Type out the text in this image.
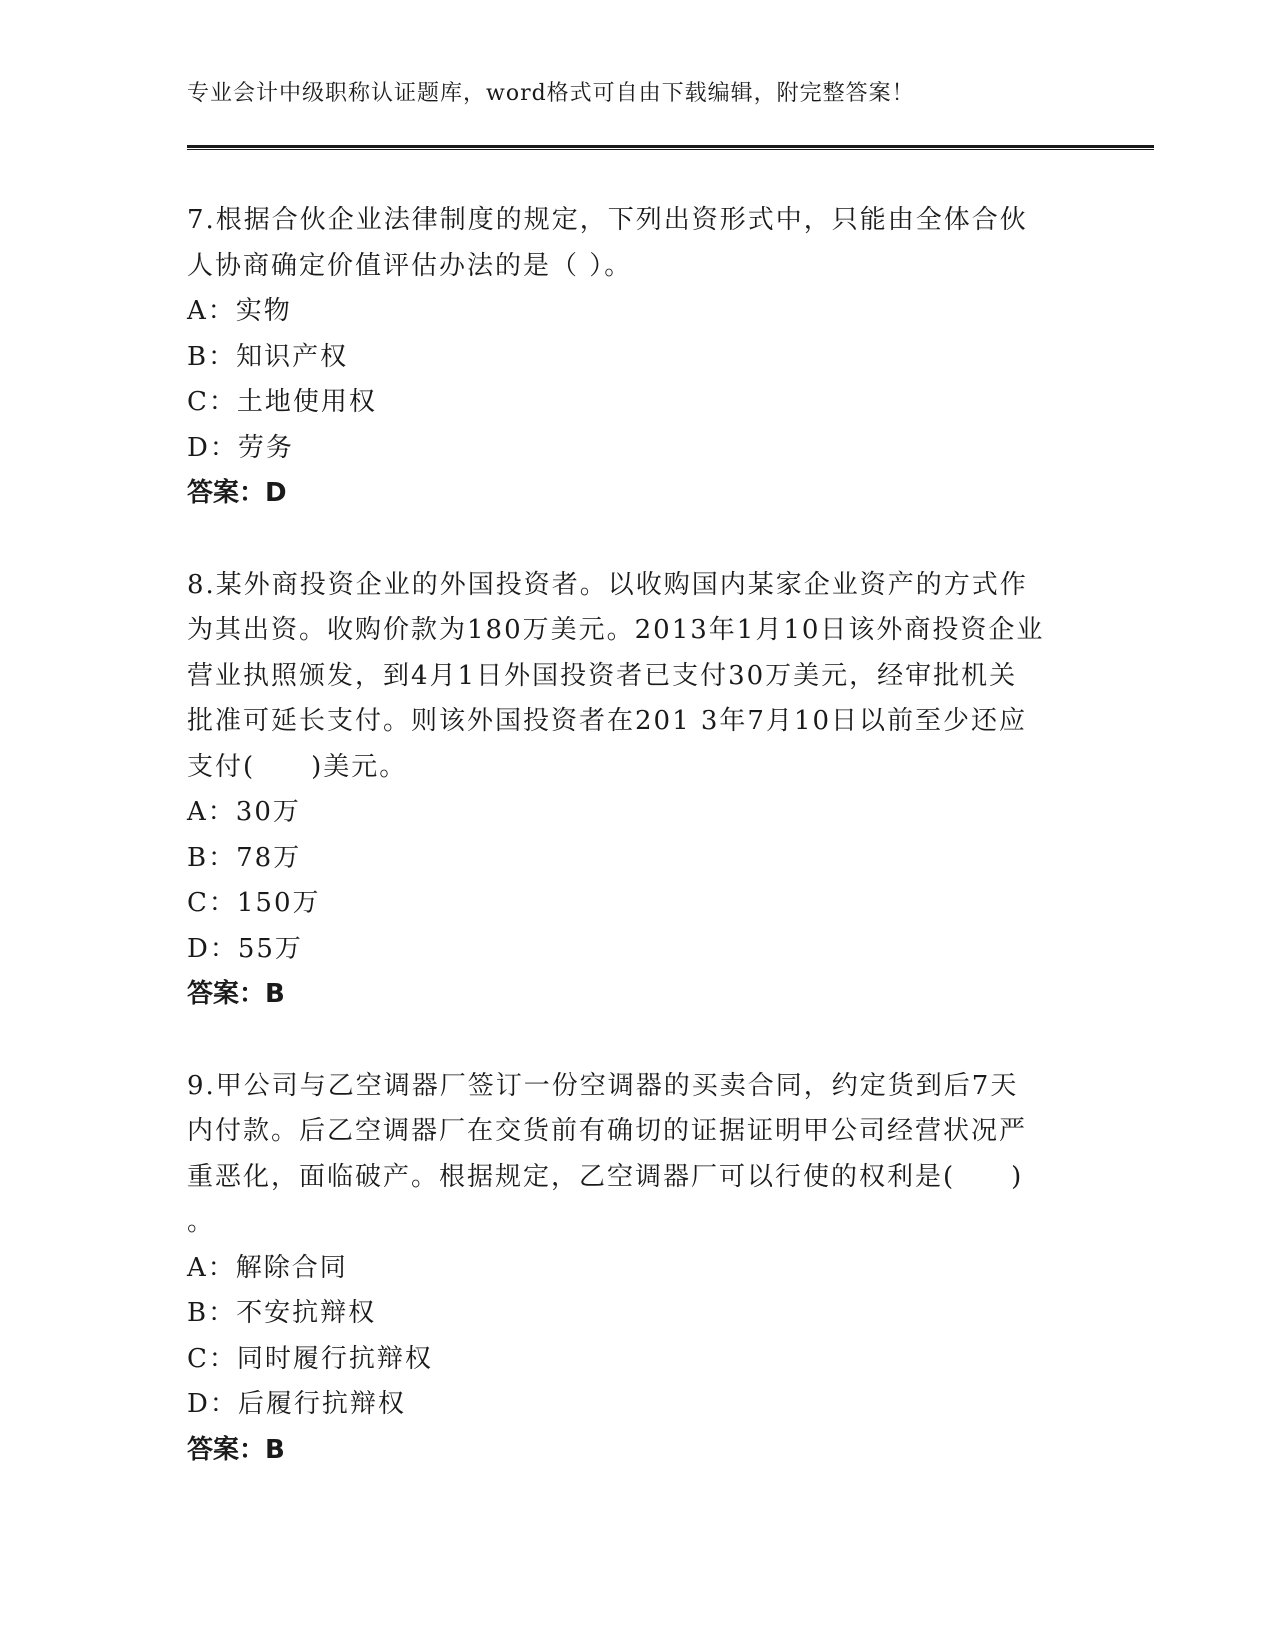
专业会计中级职称认证题库，word格式可自由下载编辑，附完整答案！

7.根据合伙企业法律制度的规定，下列出资形式中，只能由全体合伙
人协商确定价值评估办法的是（ ）。

A：实物
B：知识产权
C：土地使用权
D：劳务
答案：D

8.某外商投资企业的外国投资者。以收购国内某家企业资产的方式作
为其出资。收购价款为180万美元。2013年1月10日该外商投资企业
营业执照颁发，到4月1日外国投资者已支付30万美元，经审批机关
批准可延长支付。则该外国投资者在201 3年7月10日以前至少还应
支付(　　)美元。

A：30万
B：78万
C：150万
D：55万
答案：B

9.甲公司与乙空调器厂签订一份空调器的买卖合同，约定货到后7天
内付款。后乙空调器厂在交货前有确切的证据证明甲公司经营状况严
重恶化，面临破产。根据规定，乙空调器厂可以行使的权利是(　　)
。

A：解除合同
B：不安抗辩权
C：同时履行抗辩权
D：后履行抗辩权
答案：B
